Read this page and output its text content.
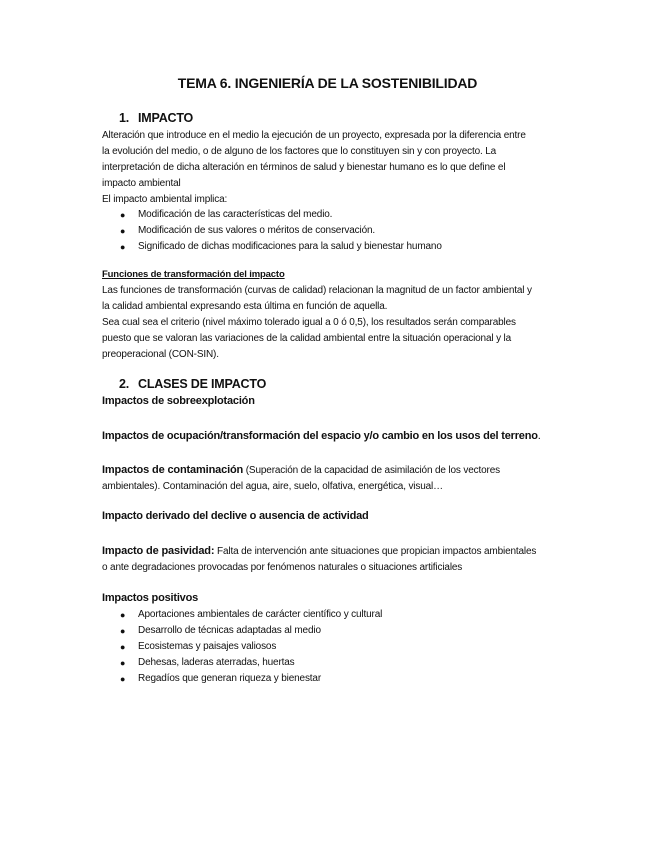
TEMA 6. INGENIERÍA DE LA SOSTENIBILIDAD
1. IMPACTO

Alteración que introduce en el medio la ejecución de un proyecto, expresada por la diferencia entre

la evolución del medio, o de alguno de los factores que lo constituyen sin y con proyecto. La

interpretación de dicha alteración en términos de salud y bienestar humano es lo que define el

impacto ambiental

El impacto ambiental implica:

● Modificación de las características del medio.
● Modificación de sus valores o méritos de conservación.
● Significado de dichas modificaciones para la salud y bienestar humano
Funciones de transformación del impacto

Las funciones de transformación (curvas de calidad) relacionan la magnitud de un factor ambiental y

la calidad ambiental expresando esta última en función de aquella.

Sea cual sea el criterio (nivel máximo tolerado igual a 0 ó 0,5), los resultados serán comparables

puesto que se valoran las variaciones de la calidad ambiental entre la situación operacional y la

preoperacional (CON-SIN).

2. CLASES DE IMPACTO
Impactos de sobreexplotación
Impactos de ocupación/transformación del espacio y/o cambio en los usos del terreno.
Impactos de contaminación (Superación de la capacidad de asimilación de los vectores
ambientales). Contaminación del agua, aire, suelo, olfativa, energética, visual…
Impacto derivado del declive o ausencia de actividad
Impacto de pasividad: Falta de intervención ante situaciones que propician impactos ambientales
o ante degradaciones provocadas por fenómenos naturales o situaciones artificiales
Impactos positivos
● Aportaciones ambientales de carácter científico y cultural
● Desarrollo de técnicas adaptadas al medio
● Ecosistemas y paisajes valiosos
● Dehesas, laderas aterradas, huertas
● Regadíos que generan riqueza y bienestar
